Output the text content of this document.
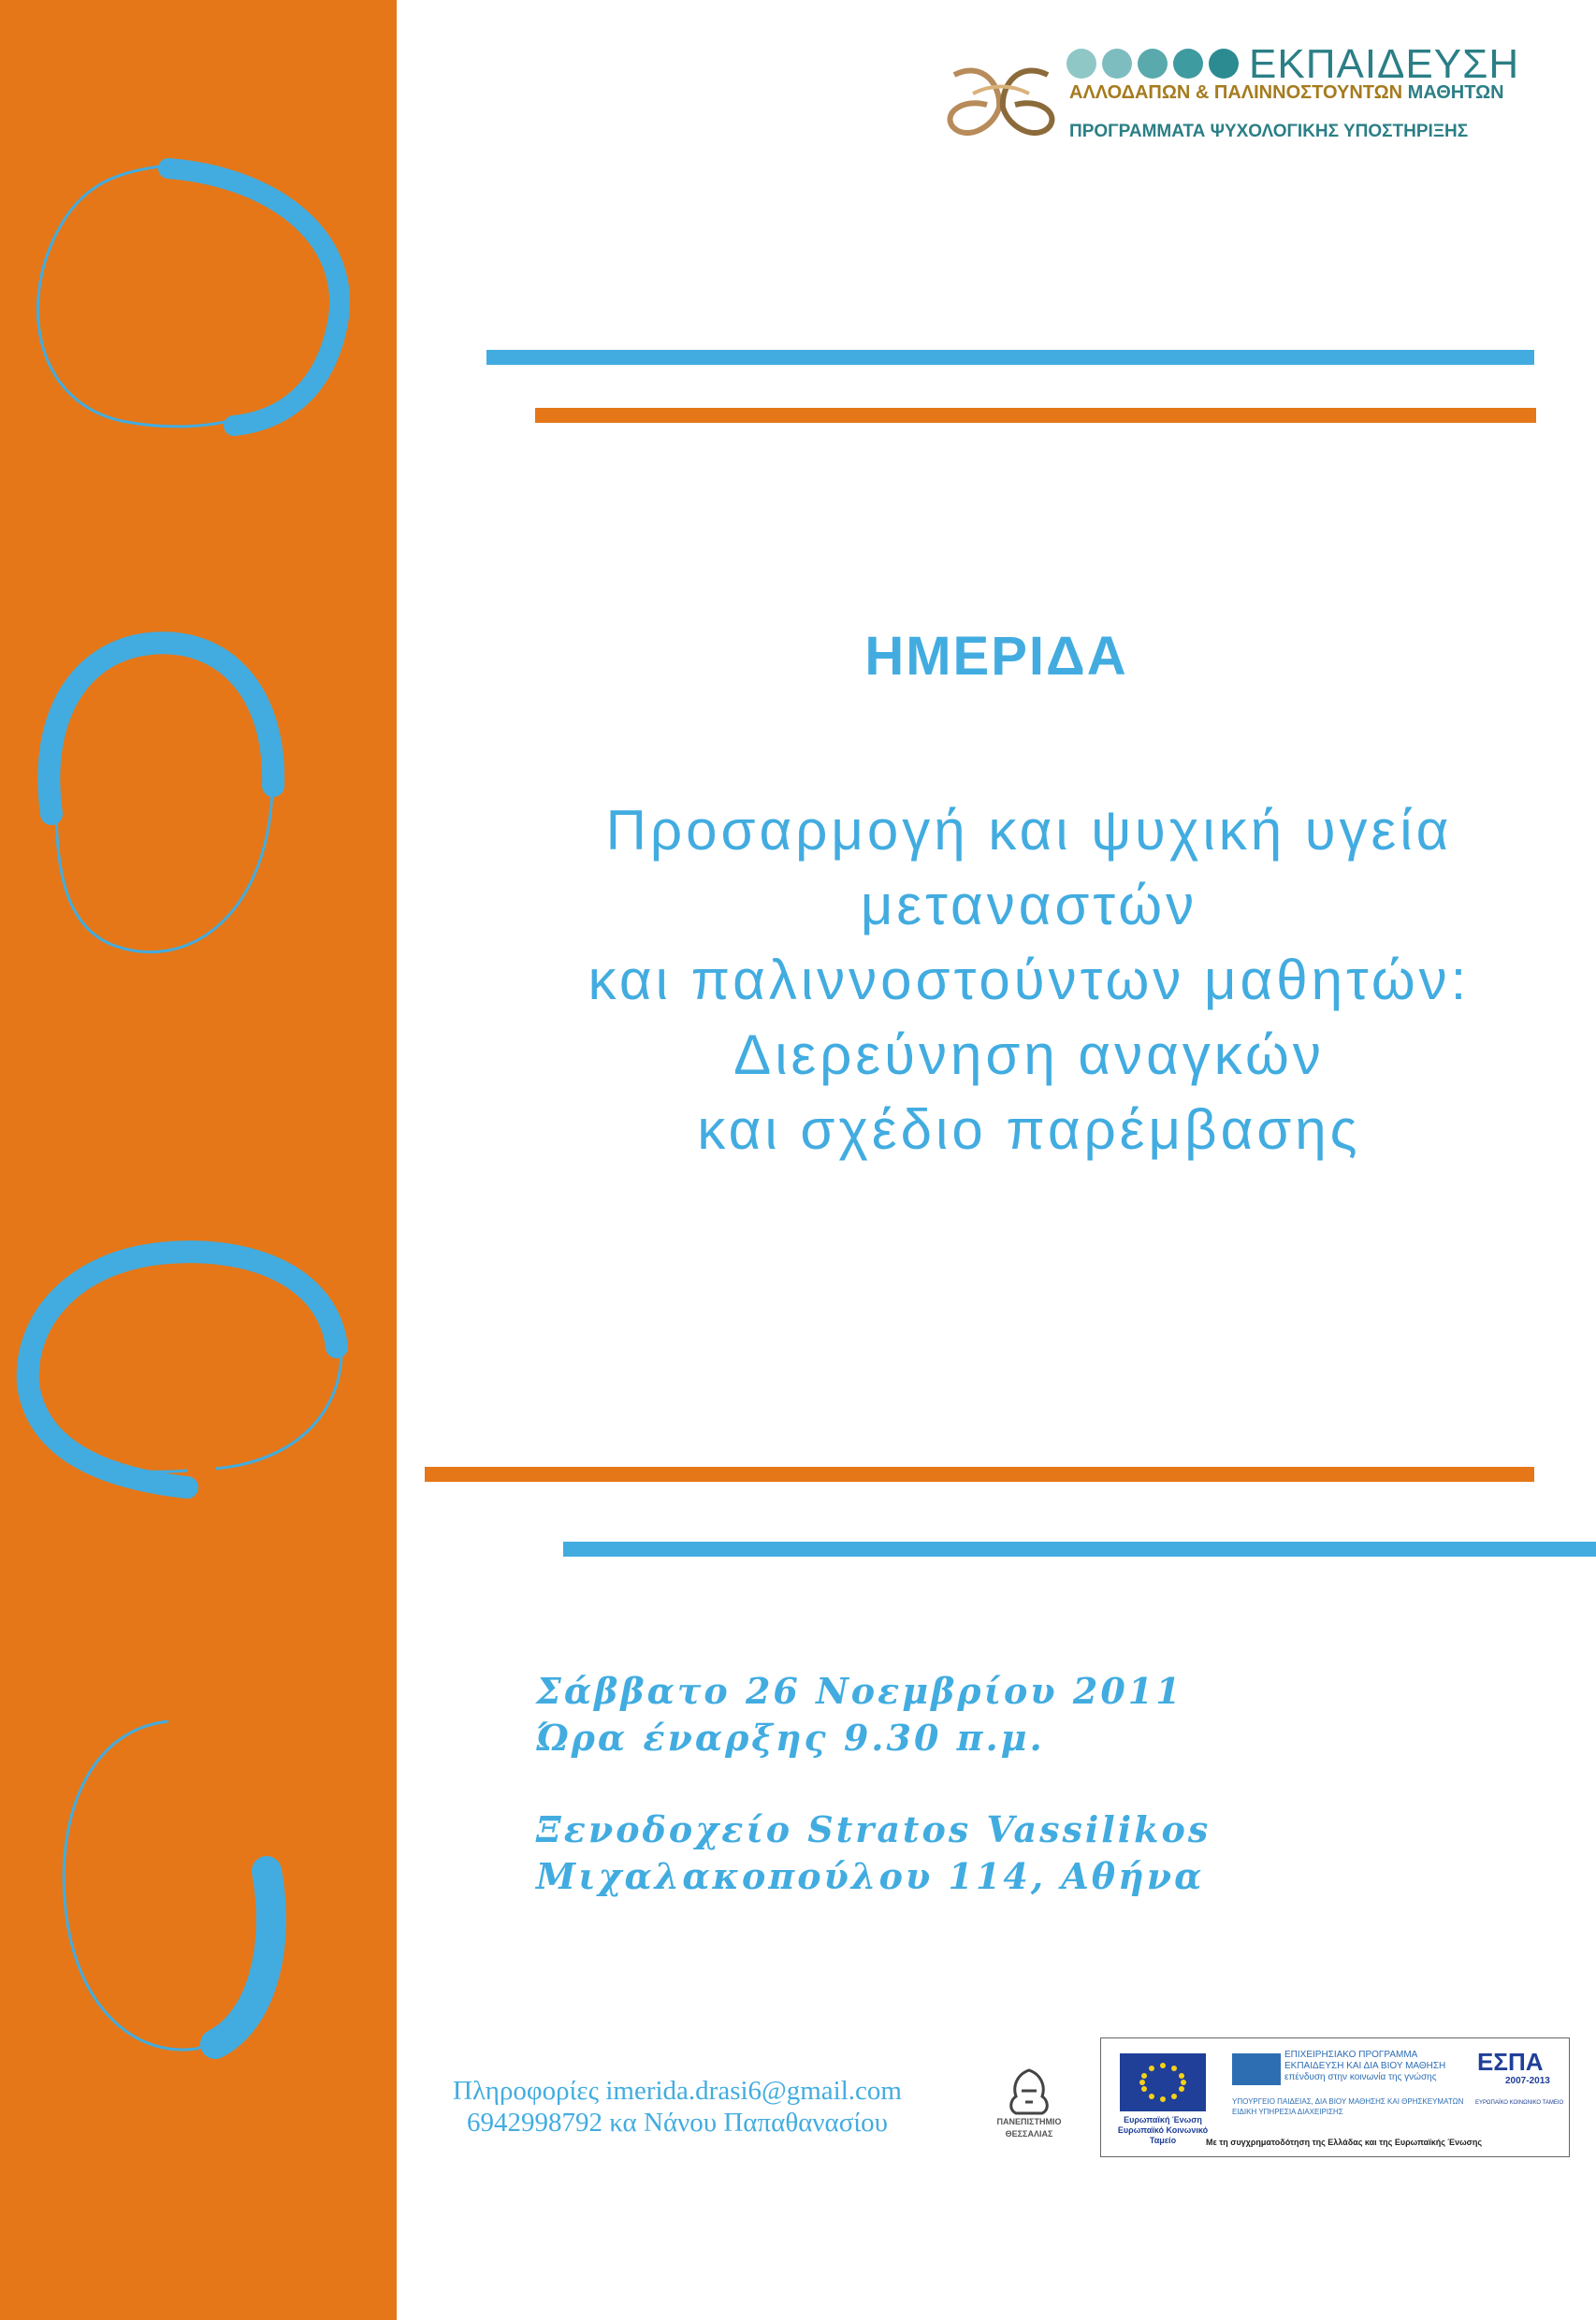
ΕΚΠΑΙΔΕΥΣΗ
ΑΛΛΟΔΑΠΩΝ & ΠΑΛΙΝΝΟΣΤΟΥΝΤΩΝ ΜΑΘΗΤΩΝ
ΠΡΟΓΡΑΜΜΑΤΑ ΨΥΧΟΛΟΓΙΚΗΣ ΥΠΟΣΤΗΡΙΞΗΣ
ΗΜΕΡΙΔΑ
Προσαρμογή και ψυχική υγεία
μεταναστών
και παλιννοστούντων μαθητών:
Διερεύνηση αναγκών
και σχέδιο παρέμβασης
Σάββατο 26 Νοεμβρίου 2011
Ώρα έναρξης 9.30 π.μ.
Ξενοδοχείο Stratos Vassilikos
Μιχαλακοπούλου 114, Αθήνα
Πληροφορίες imerida.drasi6@gmail.com
6942998792 κα Νάνου Παπαθανασίου	ΠΑΝΕΠΙΣΤΗΜΙΟ
ΘΕΣΣΑΛΙΑΣ
Ευρωπαϊκή Ένωση
Ευρωπαϊκό Κοινωνικό Ταμείο
ΕΠΙΧΕΙΡΗΣΙΑΚΟ ΠΡΟΓΡΑΜΜΑ
ΕΚΠΑΙΔΕΥΣΗ ΚΑΙ ΔΙΑ ΒΙΟΥ ΜΑΘΗΣΗ
επένδυση στην κοινωνία της γνώσης
ΥΠΟΥΡΓΕΙΟ ΠΑΙΔΕΙΑΣ, ΔΙΑ ΒΙΟΥ ΜΑΘΗΣΗΣ ΚΑΙ ΘΡΗΣΚΕΥΜΑΤΩΝ
ΕΙΔΙΚΗ ΥΠΗΡΕΣΙΑ ΔΙΑΧΕΙΡΙΣΗΣ
ΕΣΠΑ
2007-2013
ΕΥΡΩΠΑΪΚΟ ΚΟΙΝΩΝΙΚΟ ΤΑΜΕΙΟ
Με τη συγχρηματοδότηση της Ελλάδας και της Ευρωπαϊκής Ένωσης
